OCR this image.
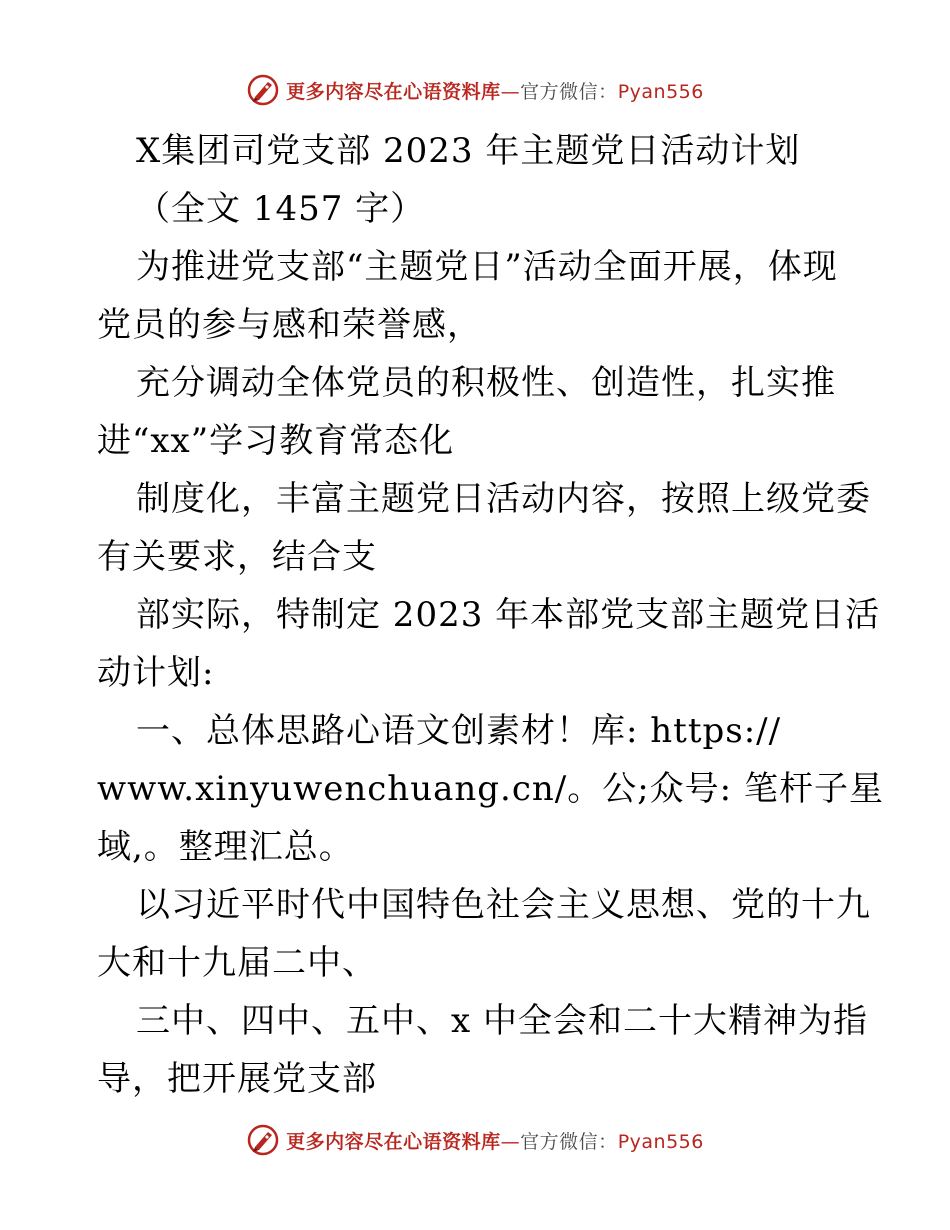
更多内容尽在心语资料库—官方微信：Pyan556
X集团司党支部 2023 年主题党日活动计划
（全文 1457 字）
为推进党支部“主题党日”活动全面开展，体现
党员的参与感和荣誉感，
充分调动全体党员的积极性、创造性，扎实推
进“xx”学习教育常态化
制度化，丰富主题党日活动内容，按照上级党委
有关要求，结合支
部实际，特制定 2023 年本部党支部主题党日活
动计划:
一、总体思路心语文创素材！库: https://
www.xinyuwenchuang.cn/。公;众号: 笔杆子星
域,。整理汇总。
以习近平时代中国特色社会主义思想、党的十九
大和十九届二中、
三中、四中、五中、x 中全会和二十大精神为指
导，把开展党支部
更多内容尽在心语资料库—官方微信：Pyan556
